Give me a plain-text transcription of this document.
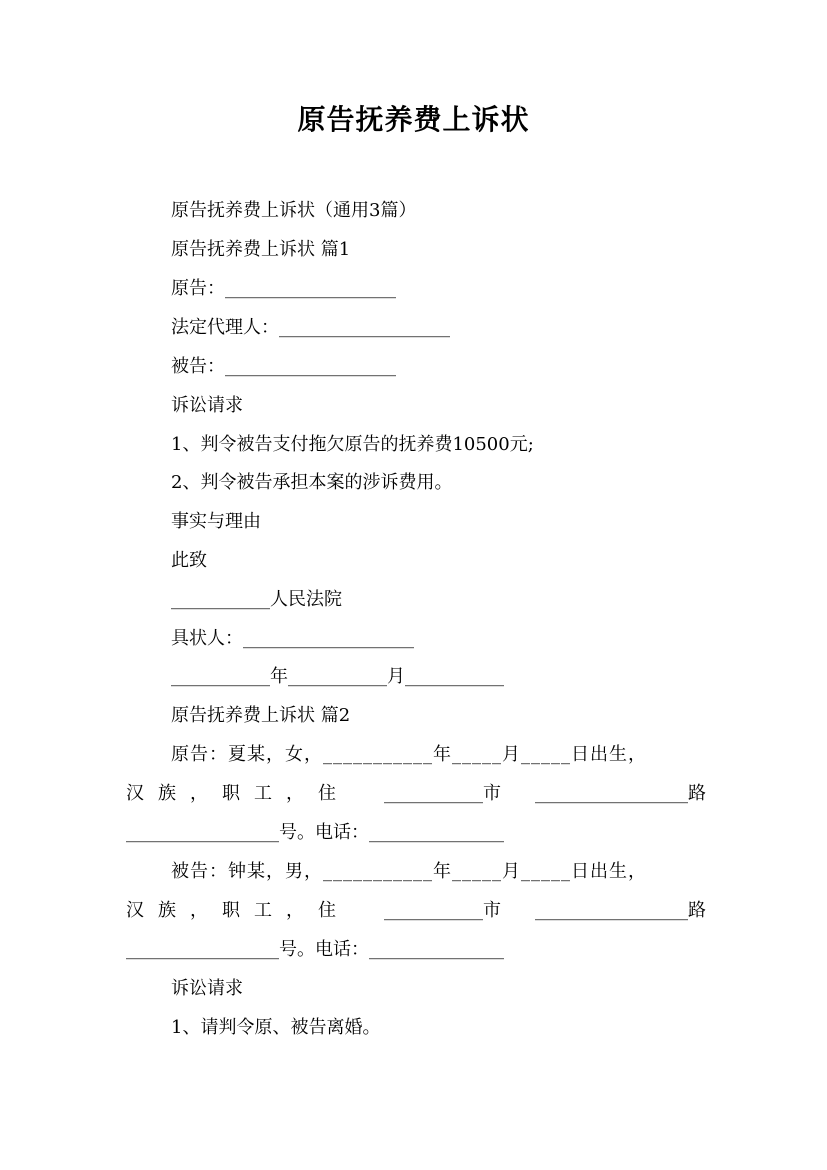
原告抚养费上诉状
原告抚养费上诉状（通用3篇）
原告抚养费上诉状 篇1
原告：___________________
法定代理人：___________________
被告：___________________
诉讼请求
1、判令被告支付拖欠原告的抚养费10500元;
2、判令被告承担本案的涉诉费用。
事实与理由
此致
___________人民法院
具状人：___________________
___________年___________月___________
原告抚养费上诉状 篇2
原告：夏某，女，___________年_____月_____日出生，
汉族，职工，住 ___________市 _________________路
_________________号。电话：_______________
被告：钟某，男，___________年_____月_____日出生，
汉族，职工，住 ___________市 _________________路
_________________号。电话：_______________
诉讼请求
1、请判令原、被告离婚。
